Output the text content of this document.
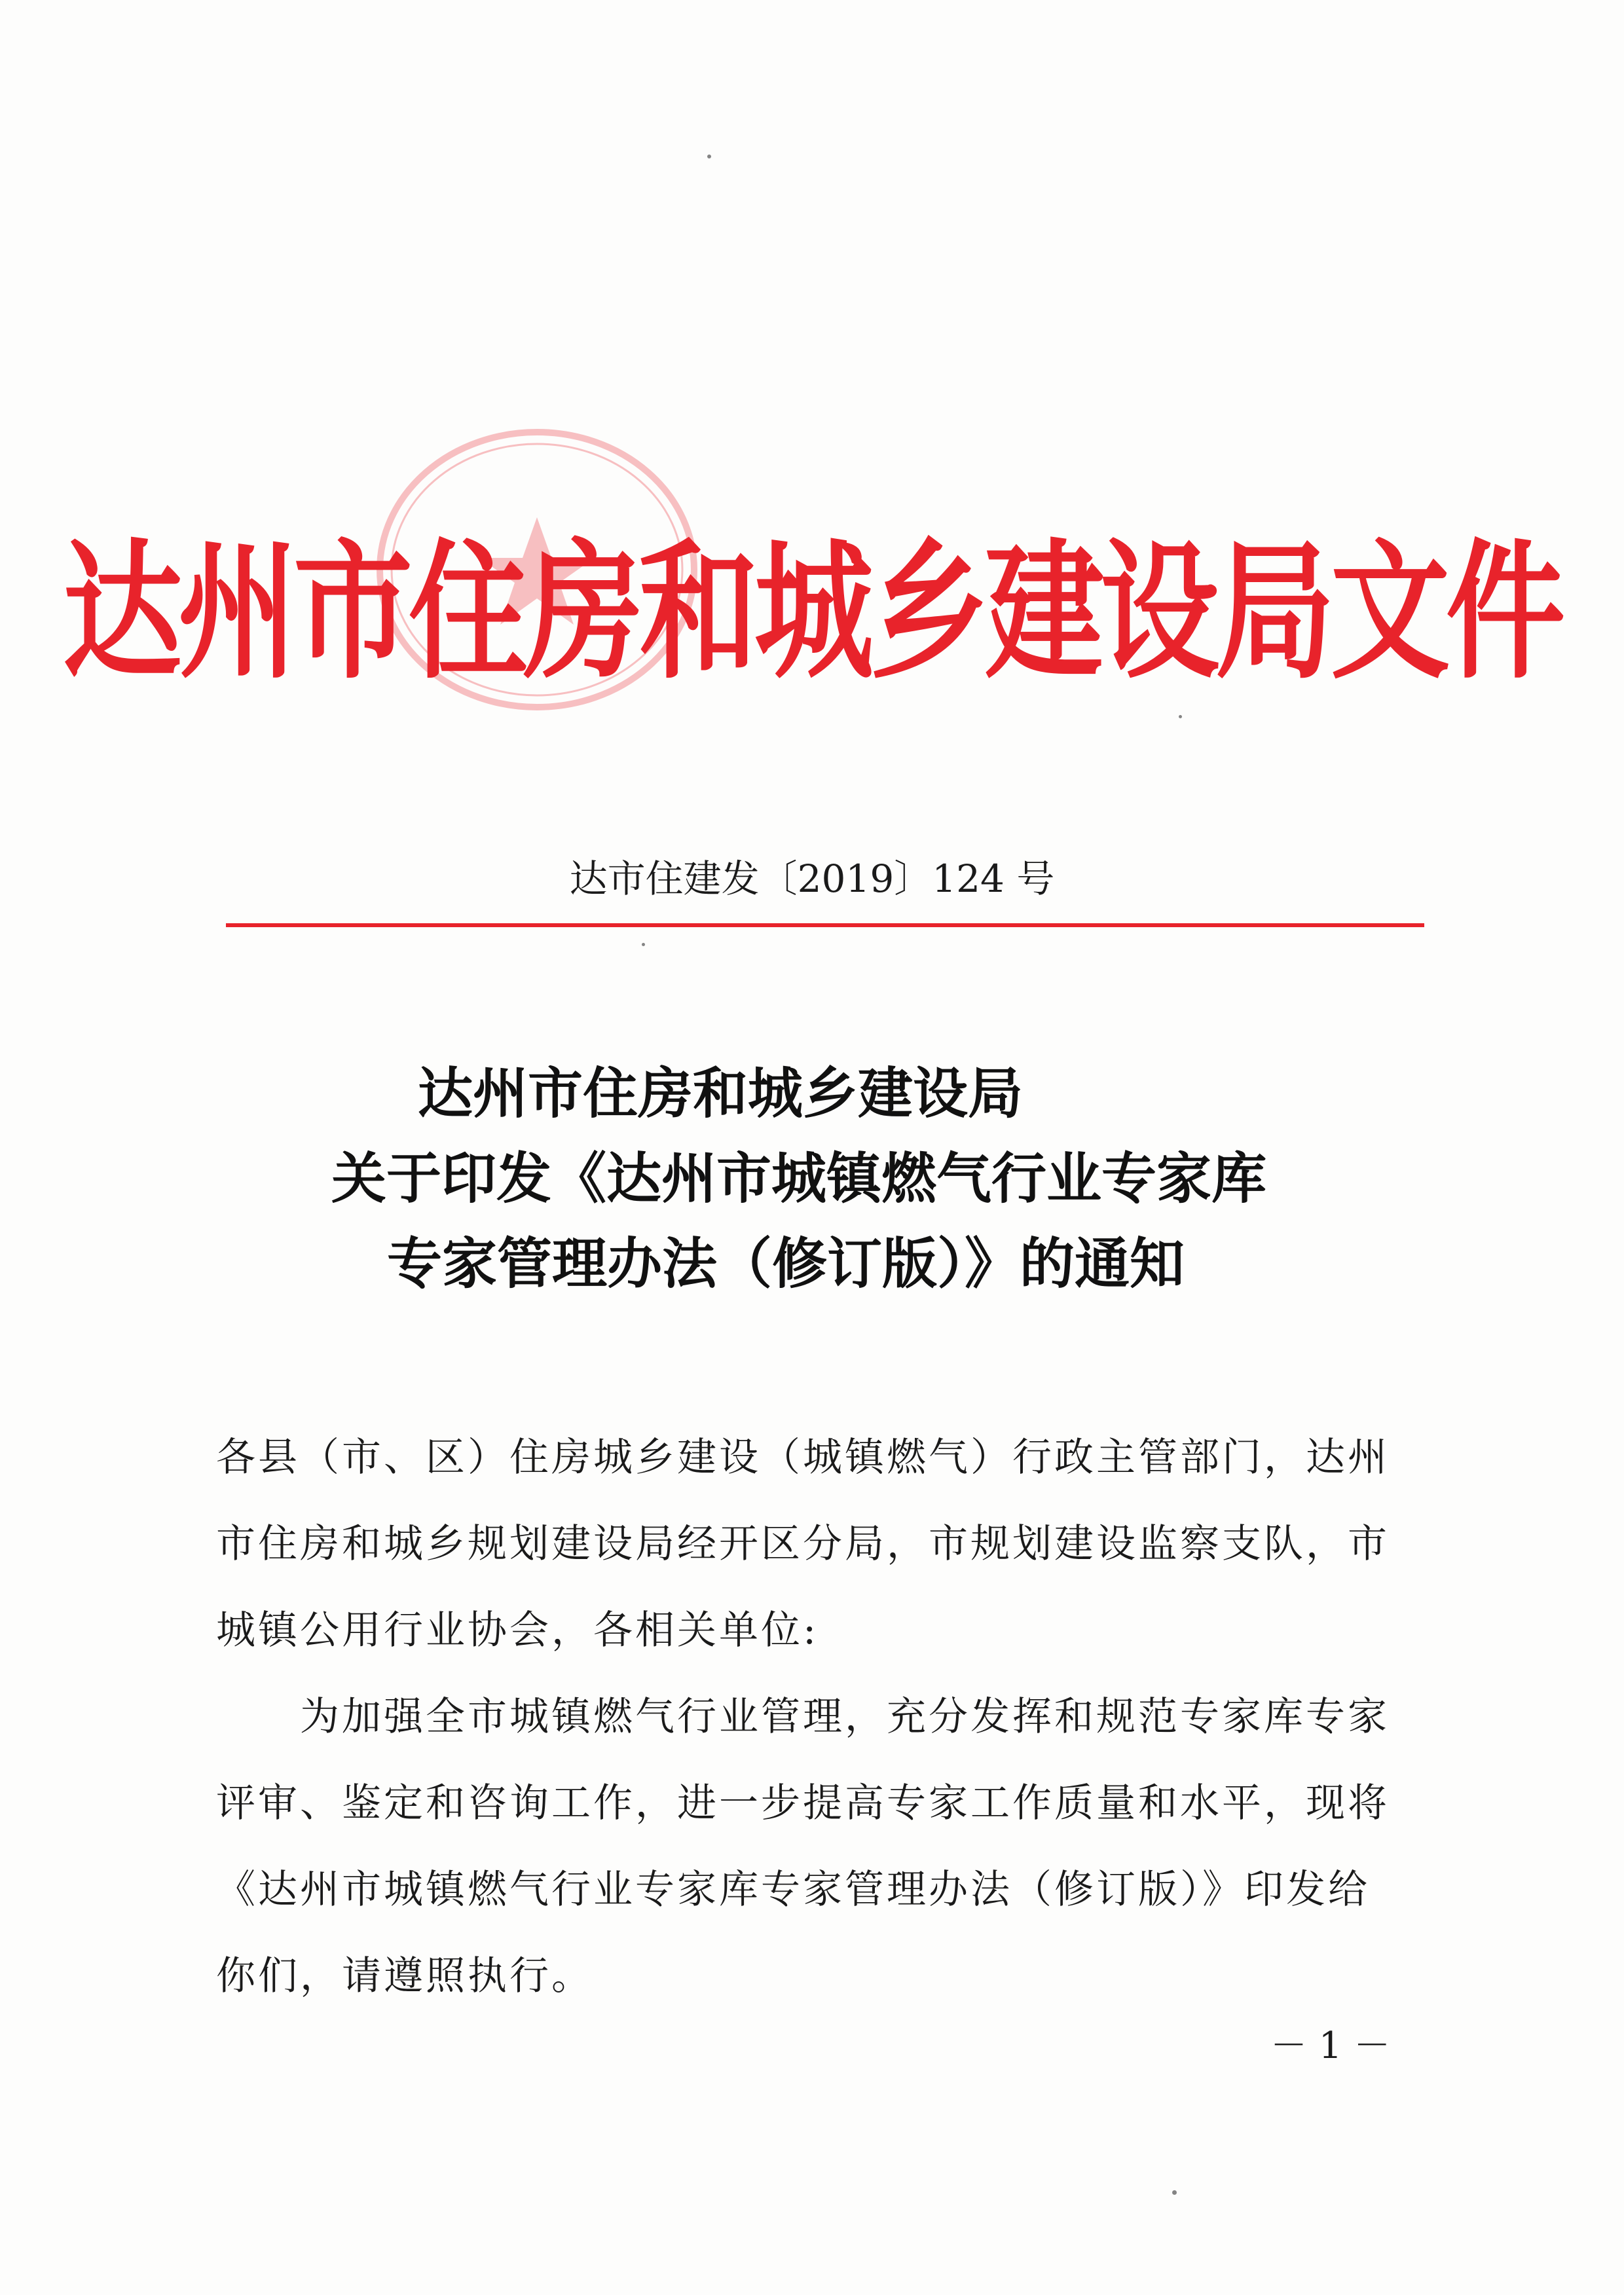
达州市住房和城乡建设局文件
达市住建发〔2019〕124 号
达州市住房和城乡建设局
关于印发《达州市城镇燃气行业专家库
专家管理办法（修订版）》的通知
各县（市、区）住房城乡建设（城镇燃气）行政主管部门，达州
市住房和城乡规划建设局经开区分局，市规划建设监察支队，市
城镇公用行业协会，各相关单位:
　　为加强全市城镇燃气行业管理，充分发挥和规范专家库专家
评审、鉴定和咨询工作，进一步提高专家工作质量和水平，现将
《达州市城镇燃气行业专家库专家管理办法（修订版）》印发给
你们，请遵照执行。
－ 1 －
